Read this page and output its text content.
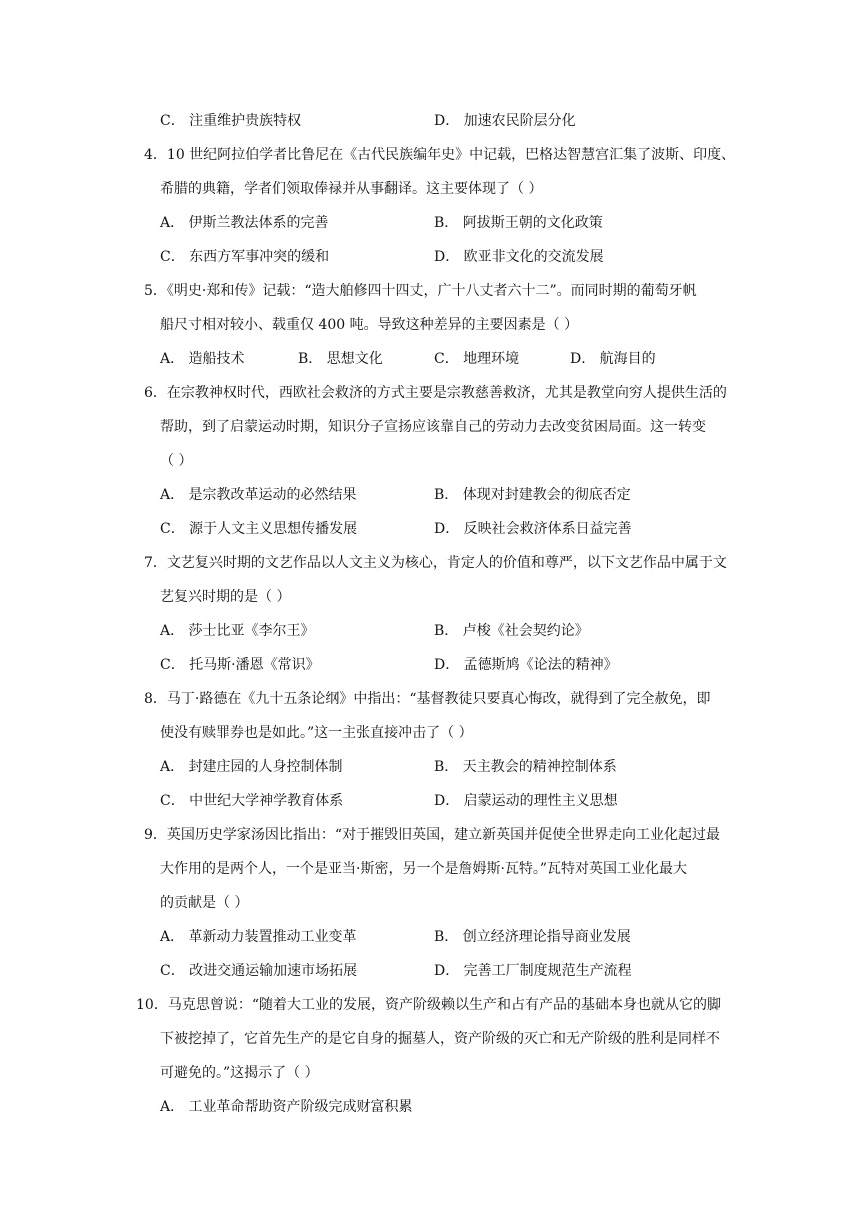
C． 注重维护贵族特权	D． 加速农民阶层分化
4．10 世纪阿拉伯学者比鲁尼在《古代民族编年史》中记载，巴格达智慧宫汇集了波斯、印度、
希腊的典籍，学者们领取俸禄并从事翻译。这主要体现了（ ）
A． 伊斯兰教法体系的完善	B． 阿拔斯王朝的文化政策
C． 东西方军事冲突的缓和	D． 欧亚非文化的交流发展
5．《明史·郑和传》记载：“造大舶修四十四丈，广十八丈者六十二”。而同时期的葡萄牙帆
船尺寸相对较小、载重仅 400 吨。导致这种差异的主要因素是（ ）
A． 造船技术	B． 思想文化	C． 地理环境	D． 航海目的
6．在宗教神权时代，西欧社会救济的方式主要是宗教慈善救济，尤其是教堂向穷人提供生活的
帮助，到了启蒙运动时期，知识分子宣扬应该靠自己的劳动力去改变贫困局面。这一转变
（ ）
A． 是宗教改革运动的必然结果	B． 体现对封建教会的彻底否定
C． 源于人文主义思想传播发展	D． 反映社会救济体系日益完善
7．文艺复兴时期的文艺作品以人文主义为核心，肯定人的价值和尊严，以下文艺作品中属于文
艺复兴时期的是（ ）
A． 莎士比亚《李尔王》	B． 卢梭《社会契约论》
C． 托马斯·潘恩《常识》	D． 孟德斯鸠《论法的精神》
8．马丁·路德在《九十五条论纲》中指出：“基督教徒只要真心悔改，就得到了完全赦免，即
使没有赎罪券也是如此。”这一主张直接冲击了（ ）
A． 封建庄园的人身控制体制	B． 天主教会的精神控制体系
C． 中世纪大学神学教育体系	D． 启蒙运动的理性主义思想
9．英国历史学家汤因比指出：“对于摧毁旧英国，建立新英国并促使全世界走向工业化起过最
大作用的是两个人，一个是亚当·斯密，另一个是詹姆斯·瓦特。”瓦特对英国工业化最大
的贡献是（ ）
A． 革新动力装置推动工业变革	B． 创立经济理论指导商业发展
C． 改进交通运输加速市场拓展	D． 完善工厂制度规范生产流程
10．马克思曾说：“随着大工业的发展，资产阶级赖以生产和占有产品的基础本身也就从它的脚
下被挖掉了，它首先生产的是它自身的掘墓人，资产阶级的灭亡和无产阶级的胜利是同样不
可避免的。”这揭示了（ ）
A． 工业革命帮助资产阶级完成财富积累
